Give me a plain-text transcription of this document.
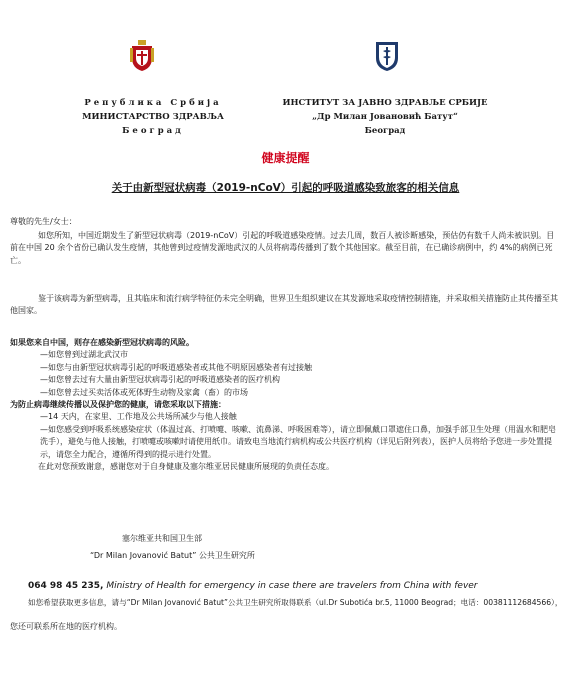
Република Србија
МИНИСТАРСТВО ЗДРАВЉА
Београд
ИНСТИТУТ ЗА ЈАВНО ЗДРАВЉЕ СРБИЈЕ
„Др Милан Јовановић Батут“
Београд
健康提醒
关于由新型冠状病毒（2019-nCoV）引起的呼吸道感染致旅客的相关信息

尊敬的先生/女士：

如您所知，中国近期发生了新型冠状病毒（2019-nCoV）引起的呼吸道感染疫情。过去几周，数百人被诊断感染，预估仍有数千人尚未被识别。目前在中国 20 余个省份已确认发生疫情，其他曾到过疫情发源地武汉的人员将病毒传播到了数个其他国家。截至目前，在已确诊病例中，约 4%的病例已死亡。

鉴于该病毒为新型病毒，且其临床和流行病学特征仍未完全明确，世界卫生组织建议在其发源地采取疫情控制措施，并采取相关措施防止其传播至其他国家。

如果您来自中国，则存在感染新型冠状病毒的风险。

—如您曾到过湖北武汉市

—如您与由新型冠状病毒引起的呼吸道感染者或其他不明原因感染者有过接触

—如您曾去过有大量由新型冠状病毒引起的呼吸道感染者的医疗机构

—如您曾去过买卖活体或死体野生动物及家禽（畜）的市场

为防止病毒继续传播以及保护您的健康，请您采取以下措施：

—14 天内，在家里、工作地及公共场所减少与他人接触

—如您感受到呼吸系统感染症状（体温过高、打喷嚏、咳嗽、流鼻涕、呼吸困难等），请立即佩戴口罩遮住口鼻，加强手部卫生处理（用温水和肥皂洗手），避免与他人接触，打喷嚏或咳嗽时请使用纸巾。请致电当地流行病机构或公共医疗机构（详见后附列表），医护人员将给予您进一步处置提示，请您全力配合，遵循所得到的提示进行处置。

在此对您预致谢意，感谢您对于自身健康及塞尔维亚居民健康所展现的负责任态度。

塞尔维亚共和国卫生部
“Dr Milan Jovanović Batut” 公共卫生研究所
064 98 45 235, Ministry of Health for emergency in case there are travelers from China with fever
如您希望获取更多信息，请与“Dr Milan Jovanović Batut”公共卫生研究所取得联系（ul.Dr Subotića br.5, 11000 Beograd；电话：00381112684566），
您还可联系所在地的医疗机构。
